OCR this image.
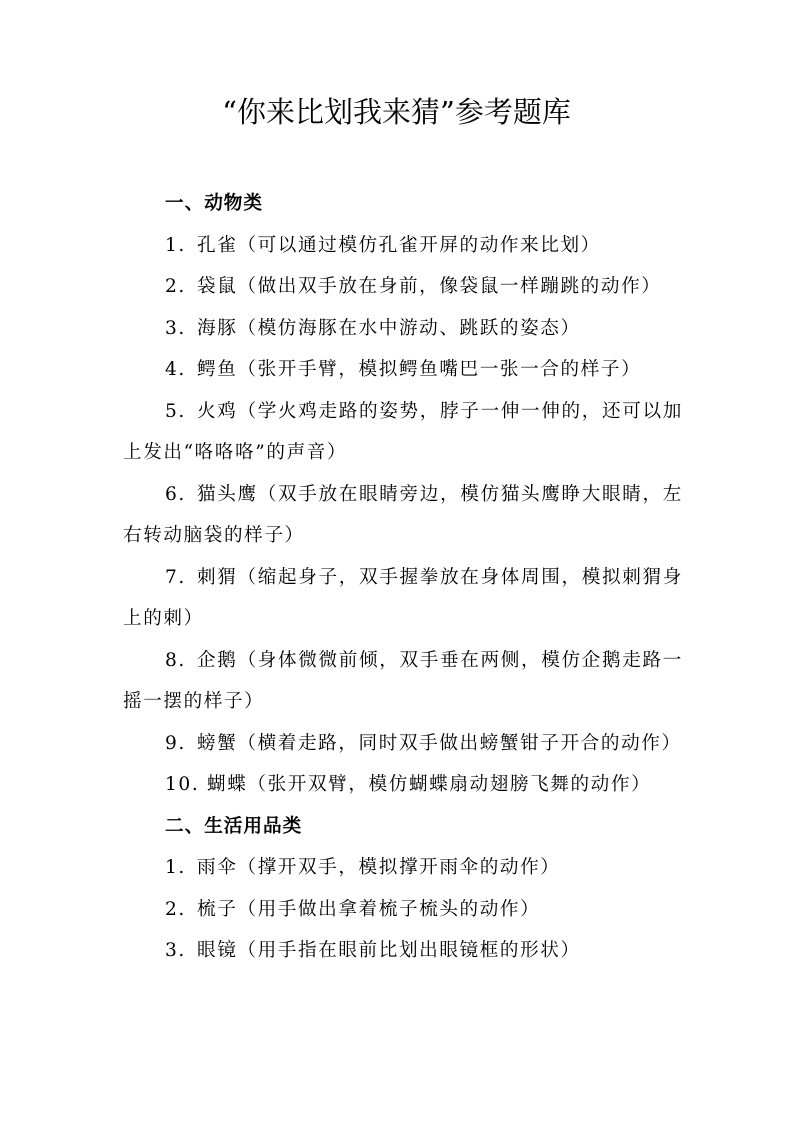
“你来比划我来猜”参考题库
一、动物类
1. 孔雀（可以通过模仿孔雀开屏的动作来比划）
2. 袋鼠（做出双手放在身前，像袋鼠一样蹦跳的动作）
3. 海豚（模仿海豚在水中游动、跳跃的姿态）
4. 鳄鱼（张开手臂，模拟鳄鱼嘴巴一张一合的样子）
5. 火鸡（学火鸡走路的姿势，脖子一伸一伸的，还可以加上发出“咯咯咯”的声音）
6. 猫头鹰（双手放在眼睛旁边，模仿猫头鹰睁大眼睛，左右转动脑袋的样子）
7. 刺猬（缩起身子，双手握拳放在身体周围，模拟刺猬身上的刺）
8. 企鹅（身体微微前倾，双手垂在两侧，模仿企鹅走路一摇一摆的样子）
9. 螃蟹（横着走路，同时双手做出螃蟹钳子开合的动作）
10. 蝴蝶（张开双臂，模仿蝴蝶扇动翅膀飞舞的动作）
二、生活用品类
1. 雨伞（撑开双手，模拟撑开雨伞的动作）
2. 梳子（用手做出拿着梳子梳头的动作）
3. 眼镜（用手指在眼前比划出眼镜框的形状）
